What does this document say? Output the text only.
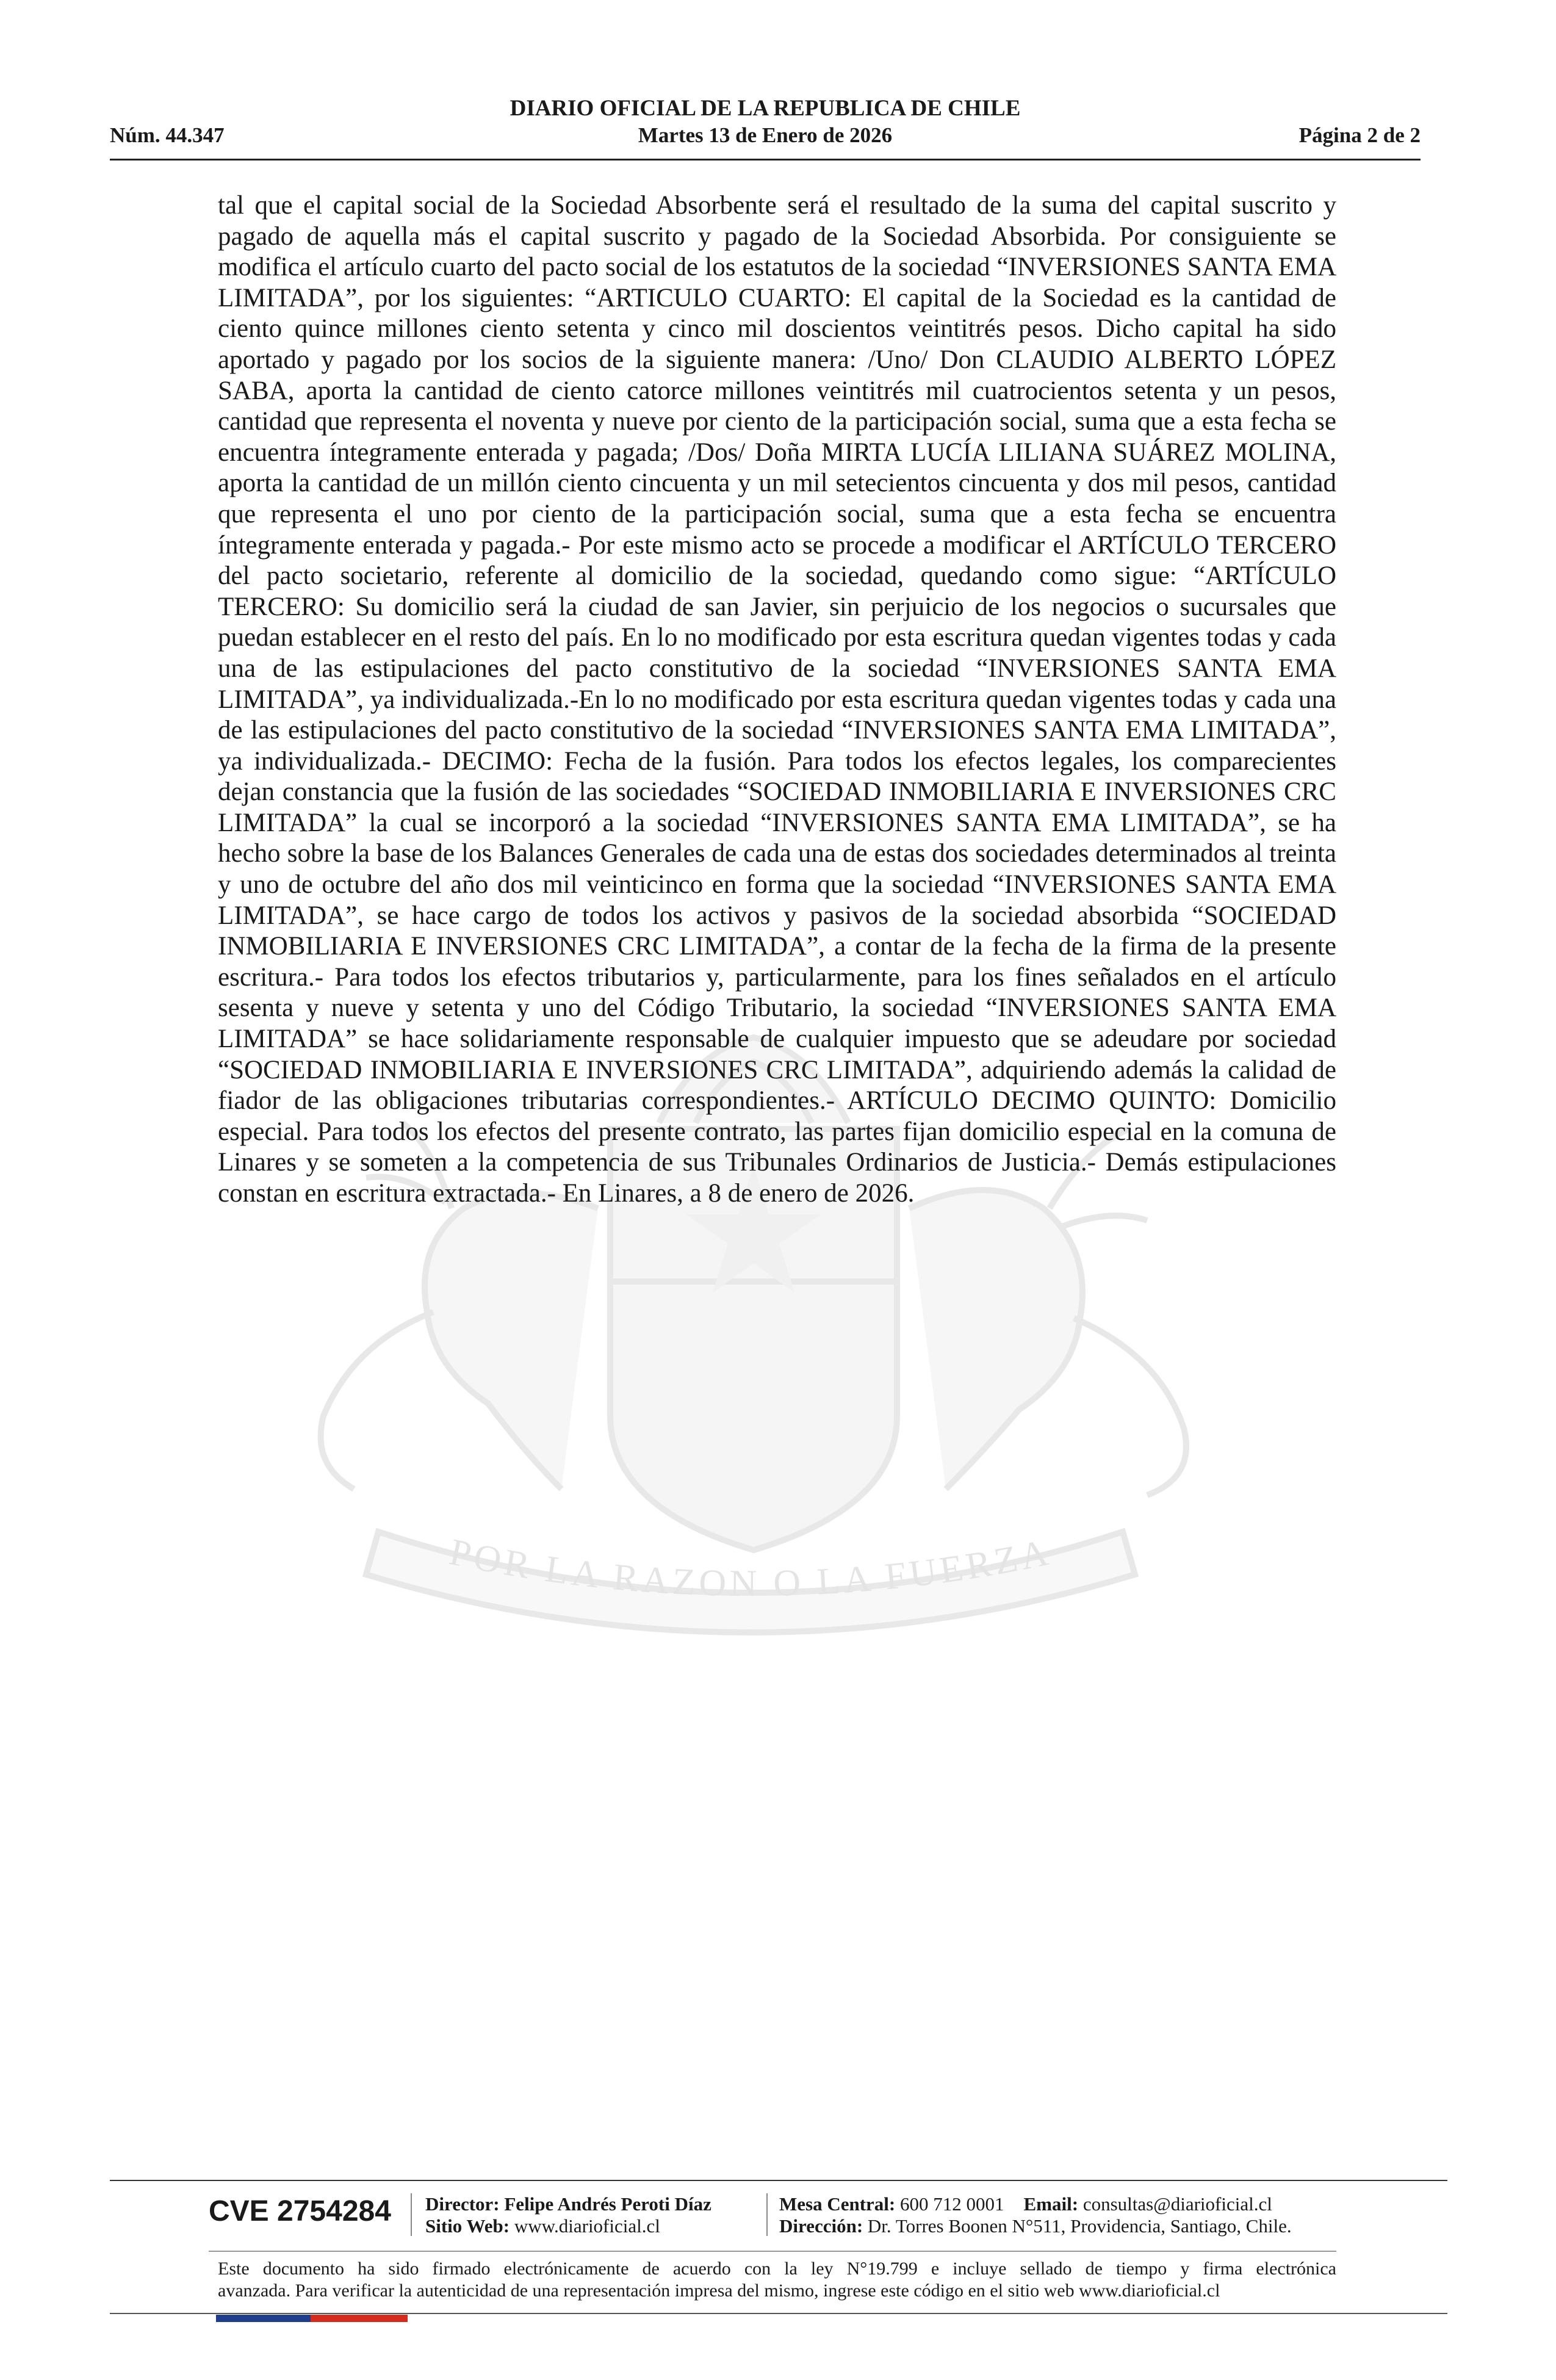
DIARIO OFICIAL DE LA REPUBLICA DE CHILE
Núm. 44.347	Martes 13 de Enero de 2026	Página 2 de 2
POR LA RAZON O LA FUERZA

tal que el capital social de la Sociedad Absorbente será el resultado de la suma del capital suscrito y pagado de aquella más el capital suscrito y pagado de la Sociedad Absorbida. Por consiguiente se modifica el artículo cuarto del pacto social de los estatutos de la sociedad “INVERSIONES SANTA EMA LIMITADA”, por los siguientes: “ARTICULO CUARTO: El capital de la Sociedad es la cantidad de ciento quince millones ciento setenta y cinco mil doscientos veintitrés pesos. Dicho capital ha sido aportado y pagado por los socios de la siguiente manera: /Uno/ Don CLAUDIO ALBERTO LÓPEZ SABA, aporta la cantidad de ciento catorce millones veintitrés mil cuatrocientos setenta y un pesos, cantidad que representa el noventa y nueve por ciento de la participación social, suma que a esta fecha se encuentra íntegramente enterada y pagada; /Dos/ Doña MIRTA LUCÍA LILIANA SUÁREZ MOLINA, aporta la cantidad de un millón ciento cincuenta y un mil setecientos cincuenta y dos mil pesos, cantidad que representa el uno por ciento de la participación social, suma que a esta fecha se encuentra íntegramente enterada y pagada.- Por este mismo acto se procede a modificar el ARTÍCULO TERCERO del pacto societario, referente al domicilio de la sociedad, quedando como sigue: “ARTÍCULO TERCERO: Su domicilio será la ciudad de san Javier, sin perjuicio de los negocios o sucursales que puedan establecer en el resto del país. En lo no modificado por esta escritura quedan vigentes todas y cada una de las estipulaciones del pacto constitutivo de la sociedad “INVERSIONES SANTA EMA LIMITADA”, ya individualizada.-En lo no modificado por esta escritura quedan vigentes todas y cada una de las estipulaciones del pacto constitutivo de la sociedad “INVERSIONES SANTA EMA LIMITADA”, ya individualizada.- DECIMO: Fecha de la fusión. Para todos los efectos legales, los comparecientes dejan constancia que la fusión de las sociedades “SOCIEDAD INMOBILIARIA E INVERSIONES CRC LIMITADA” la cual se incorporó a la sociedad “INVERSIONES SANTA EMA LIMITADA”, se ha hecho sobre la base de los Balances Generales de cada una de estas dos sociedades determinados al treinta y uno de octubre del año dos mil veinticinco en forma que la sociedad “INVERSIONES SANTA EMA LIMITADA”, se hace cargo de todos los activos y pasivos de la sociedad absorbida “SOCIEDAD INMOBILIARIA E INVERSIONES CRC LIMITADA”, a contar de la fecha de la firma de la presente escritura.- Para todos los efectos tributarios y, particularmente, para los fines señalados en el artículo sesenta y nueve y setenta y uno del Código Tributario, la sociedad “INVERSIONES SANTA EMA LIMITADA” se hace solidariamente responsable de cualquier impuesto que se adeudare por sociedad “SOCIEDAD INMOBILIARIA E INVERSIONES CRC LIMITADA”, adquiriendo además la calidad de fiador de las obligaciones tributarias correspondientes.- ARTÍCULO DECIMO QUINTO: Domicilio especial. Para todos los efectos del presente contrato, las partes fijan domicilio especial en la comuna de Linares y se someten a la competencia de sus Tribunales Ordinarios de Justicia.- Demás estipulaciones constan en escritura extractada.- En Linares, a 8 de enero de 2026.

CVE 2754284 Director: Felipe Andrés Peroti Díaz
Sitio Web: www.diarioficial.cl
Mesa Central: 600 712 0001 Email: consultas@diarioficial.cl
Dirección: Dr. Torres Boonen N°511, Providencia, Santiago, Chile.

Este documento ha sido firmado electrónicamente de acuerdo con la ley N°19.799 e incluye sellado de tiempo y firma electrónica

avanzada. Para verificar la autenticidad de una representación impresa del mismo, ingrese este código en el sitio web www.diarioficial.cl
